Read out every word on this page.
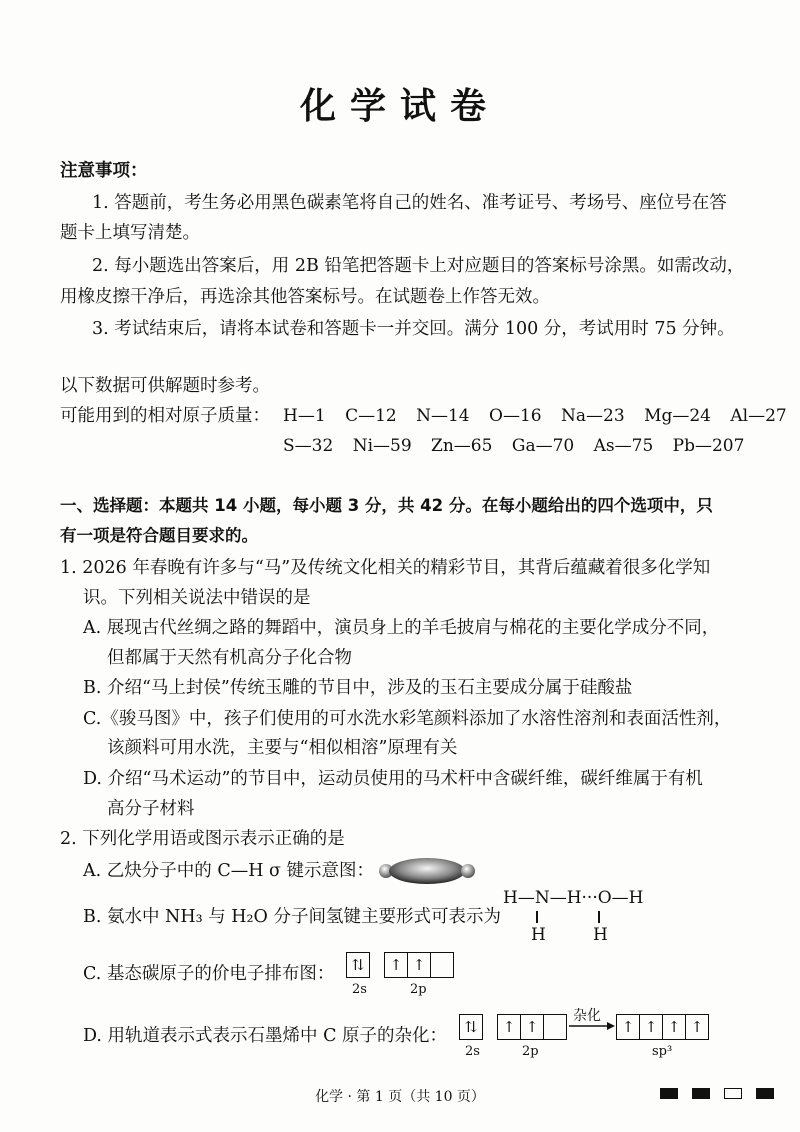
化学试卷
注意事项：
1. 答题前，考生务必用黑色碳素笔将自己的姓名、准考证号、考场号、座位号在答
题卡上填写清楚。
2. 每小题选出答案后，用 2B 铅笔把答题卡上对应题目的答案标号涂黑。如需改动，
用橡皮擦干净后，再选涂其他答案标号。在试题卷上作答无效。
3. 考试结束后，请将本试卷和答题卡一并交回。满分 100 分，考试用时 75 分钟。
以下数据可供解题时参考。
可能用到的相对原子质量： H—1 C—12 N—14 O—16 Na—23 Mg—24 Al—27
S—32 Ni—59 Zn—65 Ga—70 As—75 Pb—207
一、选择题：本题共 14 小题，每小题 3 分，共 42 分。在每小题给出的四个选项中，只
有一项是符合题目要求的。
1. 2026 年春晚有许多与“马”及传统文化相关的精彩节目，其背后蕴藏着很多化学知
识。下列相关说法中错误的是
A. 展现古代丝绸之路的舞蹈中，演员身上的羊毛披肩与棉花的主要化学成分不同，
但都属于天然有机高分子化合物
B. 介绍“马上封侯”传统玉雕的节目中，涉及的玉石主要成分属于硅酸盐
C.《骏马图》中，孩子们使用的可水洗水彩笔颜料添加了水溶性溶剂和表面活性剂，
该颜料可用水洗，主要与“相似相溶”原理有关
D. 介绍“马术运动”的节目中，运动员使用的马术杆中含碳纤维，碳纤维属于有机
高分子材料
2. 下列化学用语或图示表示正确的是
A. 乙炔分子中的 C—H σ 键示意图：
B. 氨水中 NH₃ 与 H₂O 分子间氢键主要形式可表示为
H—N—H···O—H
H	H
C. 基态碳原子的价电子排布图：	⇅	↑ ↑
2s	2p
D. 用轨道表示式表示石墨烯中 C 原子的杂化：	⇅	↑ ↑
2s	2p
杂化
↑ ↑ ↑ ↑
sp³
化学 · 第 1 页（共 10 页）
